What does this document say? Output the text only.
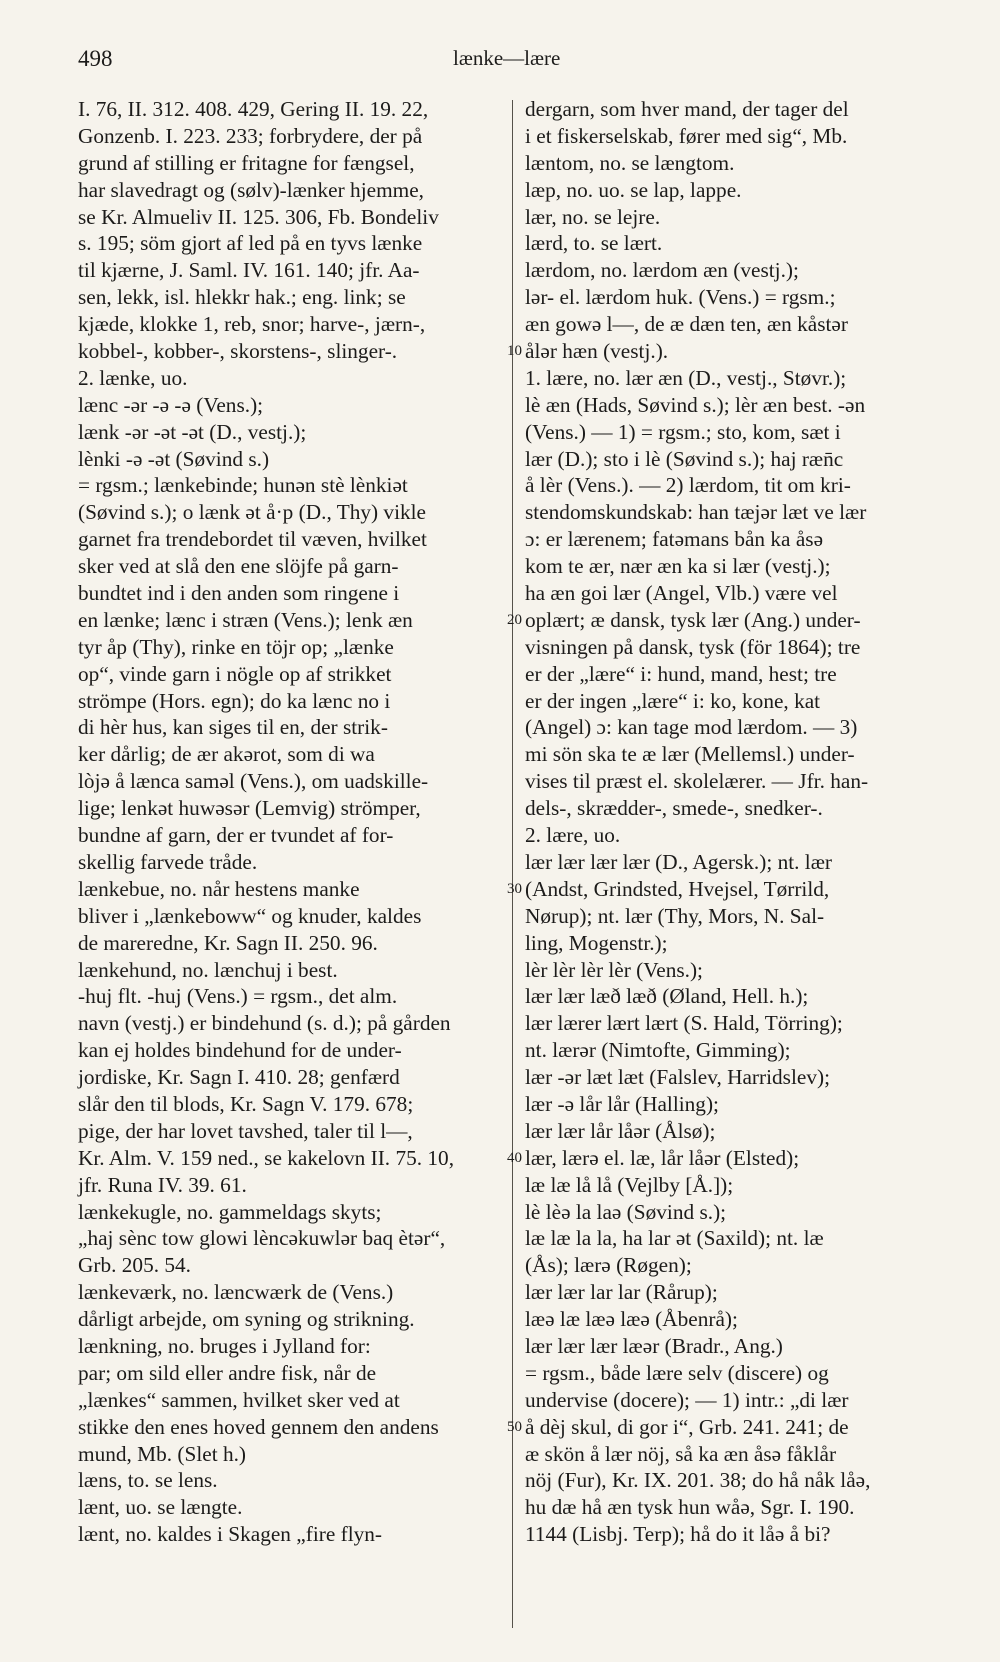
498	lænke—lære
I. 76, II. 312. 408. 429, Gering II. 19. 22,
Gonzenb. I. 223. 233; forbrydere, der på
grund af stilling er fritagne for fængsel,
har slavedragt og (sølv)-lænker hjemme,
se Kr. Almueliv II. 125. 306, Fb. Bondeliv
s. 195; söm gjort af led på en tyvs lænke
til kjærne, J. Saml. IV. 161. 140; jfr. Aa-
sen, lekk, isl. hlekkr hak.; eng. link; se
kjæde, klokke 1, reb, snor; harve-, jærn-,
kobbel-, kobber-, skorstens-, slinger-.
2. lænke, uo.
lænc -ər -ə -ə (Vens.);
lænk -ər -ət -ət (D., vestj.);
lènki -ə -ət (Søvind s.)
= rgsm.; lænkebinde; hunən stè lènkiət
(Søvind s.); o lænk ət å·p (D., Thy) vikle
garnet fra trendebordet til væven, hvilket
sker ved at slå den ene slöjfe på garn-
bundtet ind i den anden som ringene i
en lænke; lænc i stræn (Vens.); lenk æn
tyr åp (Thy), rinke en töjr op; „lænke
op“, vinde garn i nögle op af strikket
strömpe (Hors. egn); do ka lænc no i
di hèr hus, kan siges til en, der strik-
ker dårlig; de ær akərot, som di wa
lòjə å lænca saməl (Vens.), om uadskille-
lige; lenkət huwəsər (Lemvig) strömper,
bundne af garn, der er tvundet af for-
skellig farvede tråde.
lænkebue, no. når hestens manke
bliver i „lænkeboww“ og knuder, kaldes
de mareredne, Kr. Sagn II. 250. 96.
lænkehund, no. lænchuj i best.
-huj flt. -huj (Vens.) = rgsm., det alm.
navn (vestj.) er bindehund (s. d.); på gården
kan ej holdes bindehund for de under-
jordiske, Kr. Sagn I. 410. 28; genfærd
slår den til blods, Kr. Sagn V. 179. 678;
pige, der har lovet tavshed, taler til l—,
Kr. Alm. V. 159 ned., se kakelovn II. 75. 10,
jfr. Runa IV. 39. 61.
lænkekugle, no. gammeldags skyts;
„haj sènc tow glowi lèncəkuwlər baq ètər“,
Grb. 205. 54.
lænkeværk, no. læncwærk de (Vens.)
dårligt arbejde, om syning og strikning.
lænkning, no. bruges i Jylland for:
par; om sild eller andre fisk, når de
„lænkes“ sammen, hvilket sker ved at
stikke den enes hoved gennem den andens
mund, Mb. (Slet h.)
læns, to. se lens.
lænt, uo. se længte.
lænt, no. kaldes i Skagen „fire flyn-
dergarn, som hver mand, der tager del
i et fiskerselskab, fører med sig“, Mb.
læntom, no. se længtom.
læp, no. uo. se lap, lappe.
lær, no. se lejre.
lærd, to. se lært.
lærdom, no. lærdom æn (vestj.);
lər- el. lærdom huk. (Vens.) = rgsm.;
æn gowə l—, de æ dæn ten, æn kåstər
ålər hæn (vestj.).
1. lære, no. lær æn (D., vestj., Støvr.);
lè æn (Hads, Søvind s.); lèr æn best. -ən
(Vens.) — 1) = rgsm.; sto, kom, sæt i
lær (D.); sto i lè (Søvind s.); haj ræn̄c
å lèr (Vens.). — 2) lærdom, tit om kri-
stendomskundskab: han tæjər læt ve lær
ɔ: er lærenem; fatəmans bån ka åsə
kom te ær, nær æn ka si lær (vestj.);
ha æn goi lær (Angel, Vlb.) være vel
oplært; æ dansk, tysk lær (Ang.) under-
visningen på dansk, tysk (för 1864); tre
er der „lære“ i: hund, mand, hest; tre
er der ingen „lære“ i: ko, kone, kat
(Angel) ɔ: kan tage mod lærdom. — 3)
mi sön ska te æ lær (Mellemsl.) under-
vises til præst el. skolelærer. — Jfr. han-
dels-, skrædder-, smede-, snedker-.
2. lære, uo.
lær lær lær lær (D., Agersk.); nt. lær
(Andst, Grindsted, Hvejsel, Tørrild,
Nørup); nt. lær (Thy, Mors, N. Sal-
ling, Mogenstr.);
lèr lèr lèr lèr (Vens.);
lær lær læð læð (Øland, Hell. h.);
lær lærer lært lært (S. Hald, Törring);
nt. lærər (Nimtofte, Gimming);
lær -ər læt læt (Falslev, Harridslev);
lær -ə lår lår (Halling);
lær lær lår låər (Ålsø);
lær, lærə el. læ, lår låər (Elsted);
læ læ lå lå (Vejlby [Å.]);
lè lèə la laə (Søvind s.);
læ læ la la, ha lar ət (Saxild); nt. læ
(Ås); lærə (Røgen);
lær lær lar lar (Rårup);
læə læ læə læə (Åbenrå);
lær lær lær læər (Bradr., Ang.)
= rgsm., både lære selv (discere) og
undervise (docere); — 1) intr.: „di lær
å dèj skul, di gor i“, Grb. 241. 241; de
æ skön å lær nöj, så ka æn åsə fåklår
nöj (Fur), Kr. IX. 201. 38; do hå nåk låə,
hu dæ hå æn tysk hun wåə, Sgr. I. 190.
1144 (Lisbj. Terp); hå do it låə å bi?
10
20
30
40
50
